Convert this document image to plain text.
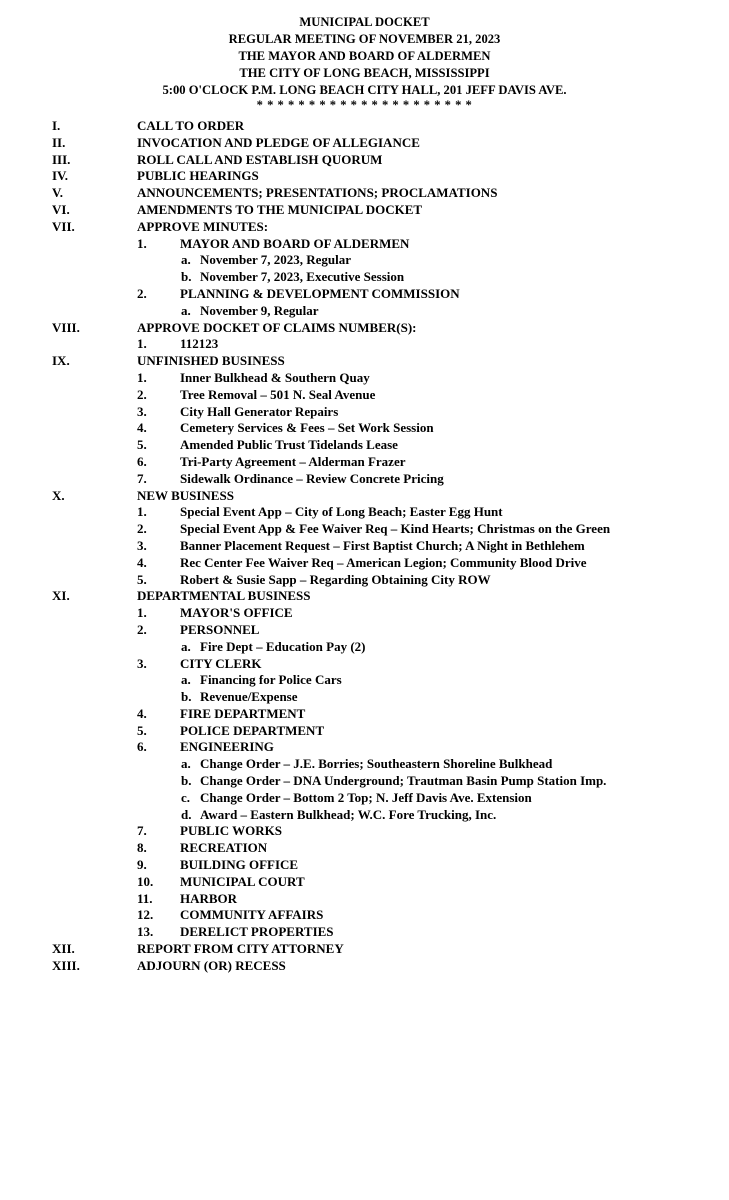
MUNICIPAL DOCKET
REGULAR MEETING OF NOVEMBER 21, 2023
THE MAYOR AND BOARD OF ALDERMEN
THE CITY OF LONG BEACH, MISSISSIPPI
5:00 O'CLOCK P.M. LONG BEACH CITY HALL, 201 JEFF DAVIS AVE.
* * * * * * * * * * * * * * * * * * * * *
I.	CALL TO ORDER
II.	INVOCATION AND PLEDGE OF ALLEGIANCE
III.	ROLL CALL AND ESTABLISH QUORUM
IV.	PUBLIC HEARINGS
V.	ANNOUNCEMENTS; PRESENTATIONS; PROCLAMATIONS
VI.	AMENDMENTS TO THE MUNICIPAL DOCKET
VII.	APPROVE MINUTES:
1.	MAYOR AND BOARD OF ALDERMEN
a. November 7, 2023, Regular
b. November 7, 2023, Executive Session
2.	PLANNING & DEVELOPMENT COMMISSION
a. November 9, Regular
VIII.	APPROVE DOCKET OF CLAIMS NUMBER(S):
1.	112123
IX.	UNFINISHED BUSINESS
1.	Inner Bulkhead & Southern Quay
2.	Tree Removal – 501 N. Seal Avenue
3.	City Hall Generator Repairs
4.	Cemetery Services & Fees – Set Work Session
5.	Amended Public Trust Tidelands Lease
6.	Tri-Party Agreement – Alderman Frazer
7.	Sidewalk Ordinance – Review Concrete Pricing
X.	NEW BUSINESS
1.	Special Event App – City of Long Beach; Easter Egg Hunt
2.	Special Event App & Fee Waiver Req – Kind Hearts; Christmas on the Green
3.	Banner Placement Request – First Baptist Church; A Night in Bethlehem
4.	Rec Center Fee Waiver Req – American Legion; Community Blood Drive
5.	Robert & Susie Sapp – Regarding Obtaining City ROW
XI.	DEPARTMENTAL BUSINESS
1.	MAYOR'S OFFICE
2.	PERSONNEL
a. Fire Dept – Education Pay (2)
3.	CITY CLERK
a. Financing for Police Cars
b. Revenue/Expense
4.	FIRE DEPARTMENT
5.	POLICE DEPARTMENT
6.	ENGINEERING
a. Change Order – J.E. Borries; Southeastern Shoreline Bulkhead
b. Change Order – DNA Underground; Trautman Basin Pump Station Imp.
c. Change Order – Bottom 2 Top; N. Jeff Davis Ave. Extension
d. Award – Eastern Bulkhead; W.C. Fore Trucking, Inc.
7.	PUBLIC WORKS
8.	RECREATION
9.	BUILDING OFFICE
10. MUNICIPAL COURT
11. HARBOR
12. COMMUNITY AFFAIRS
13. DERELICT PROPERTIES
XII.	REPORT FROM CITY ATTORNEY
XIII.	ADJOURN (OR) RECESS
